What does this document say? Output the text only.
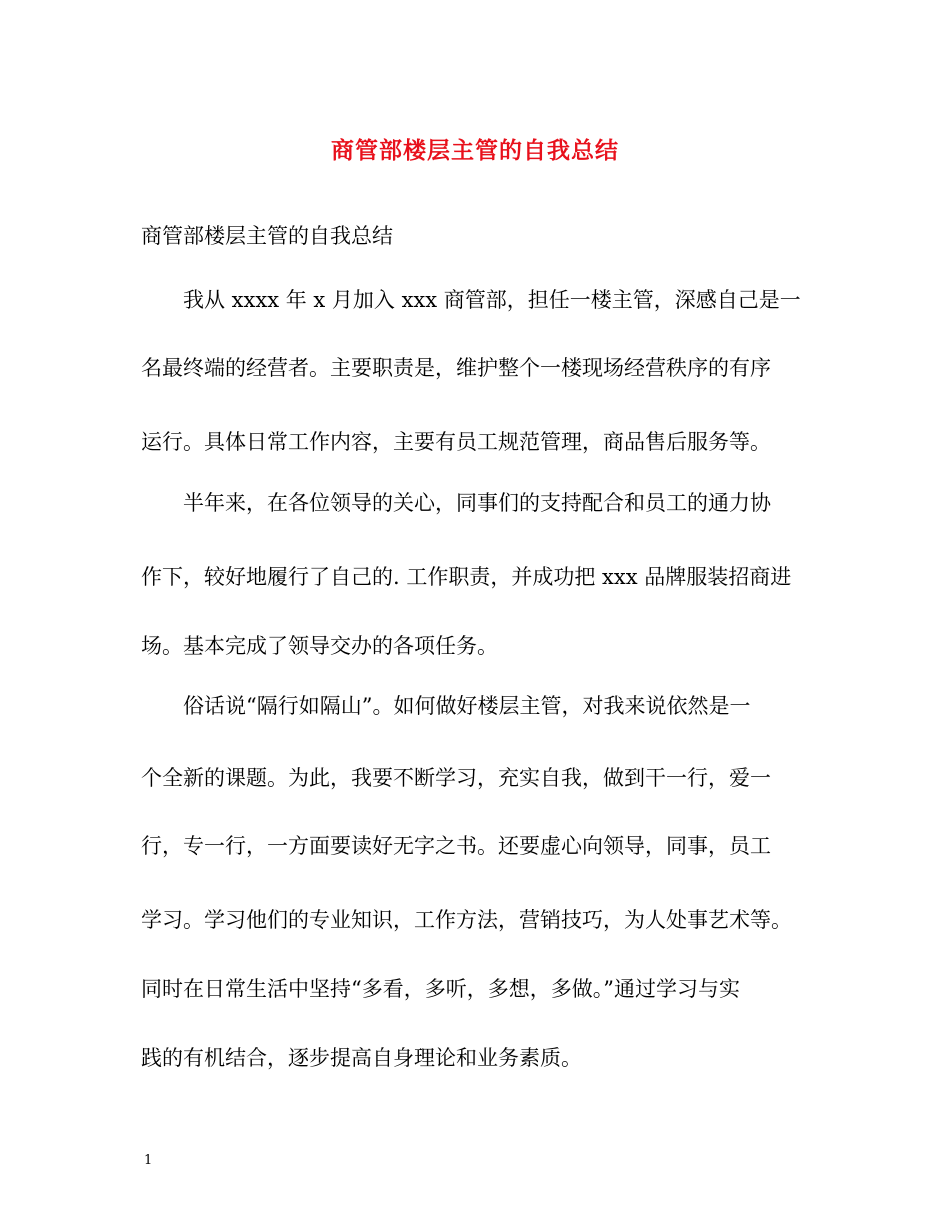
商管部楼层主管的自我总结
商管部楼层主管的自我总结
　　我从 xxxx 年 x 月加入 xxx 商管部，担任一楼主管，深感自己是一
名最终端的经营者。主要职责是，维护整个一楼现场经营秩序的有序
运行。具体日常工作内容，主要有员工规范管理，商品售后服务等。
　　半年来，在各位领导的关心，同事们的支持配合和员工的通力协
作下，较好地履行了自己的. 工作职责，并成功把 xxx 品牌服装招商进
场。基本完成了领导交办的各项任务。
　　俗话说“隔行如隔山”。如何做好楼层主管，对我来说依然是一
个全新的课题。为此，我要不断学习，充实自我，做到干一行，爱一
行，专一行，一方面要读好无字之书。还要虚心向领导，同事，员工
学习。学习他们的专业知识，工作方法，营销技巧，为人处事艺术等。
同时在日常生活中坚持“多看，多听，多想，多做。”通过学习与实
践的有机结合，逐步提高自身理论和业务素质。
1
